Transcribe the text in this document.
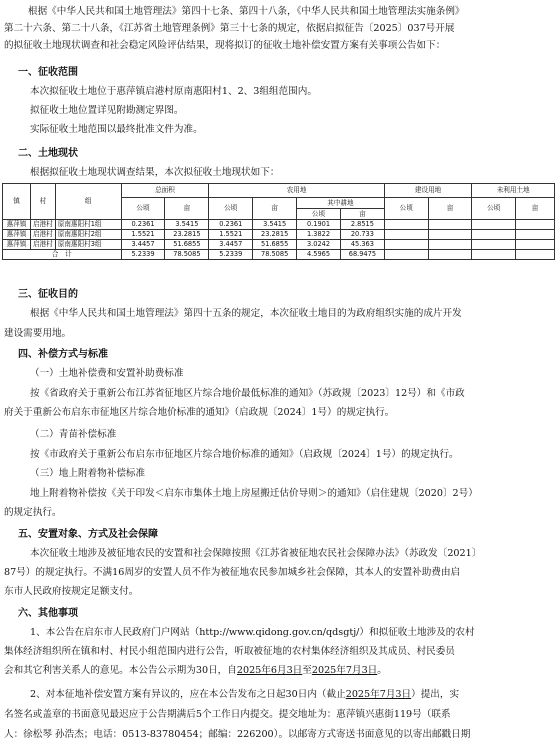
根据《中华人民共和国土地管理法》第四十七条、第四十八条，《中华人民共和国土地管理法实施条例》

第二十六条、第二十八条，《江苏省土地管理条例》第三十七条的规定，依据启拟征告〔2025〕037号开展

的拟征收土地现状调查和社会稳定风险评估结果，现将拟订的征收土地补偿安置方案有关事项公告如下：

一、征收范围

本次拟征收土地位于惠萍镇启港村原南惠阳村1、2、3组组范围内。

拟征收土地位置详见附勘测定界图。

实际征收土地范围以最终批准文件为准。

二、土地现状

根据拟征收土地现状调查结果，本次拟征收土地现状如下：

镇	村	组	总面积		农用地				建设用地		未利用土地	
			公顷	亩	公顷	亩	其中耕地		公顷	亩	公顷	亩
							公顷	亩				
惠萍镇	启港村	原南惠阳村1组	0.2361	3.5415	0.2361	3.5415	0.1901	2.8515				
惠萍镇	启港村	原南惠阳村2组	1.5521	23.2815	1.5521	23.2815	1.3822	20.733				
惠萍镇	启港村	原南惠阳村3组	3.4457	51.6855	3.4457	51.6855	3.0242	45.363				
合　计			5.2339	78.5085	5.2339	78.5085	4.5965	68.9475				

三、征收目的

根据《中华人民共和国土地管理法》第四十五条的规定，本次征收土地目的为政府组织实施的成片开发

建设需要用地。

四、补偿方式与标准

（一）土地补偿费和安置补助费标准

按《省政府关于重新公布江苏省征地区片综合地价最低标准的通知》（苏政规〔2023〕12号）和《市政

府关于重新公布启东市征地区片综合地价标准的通知》（启政规〔2024〕1号）的规定执行。

（二）青苗补偿标准

按《市政府关于重新公布启东市征地区片综合地价标准的通知》（启政规〔2024〕1号）的规定执行。

（三）地上附着物补偿标准

地上附着物补偿按《关于印发＜启东市集体土地上房屋搬迁估价导则＞的通知》（启住建规〔2020〕2号）

的规定执行。

五、安置对象、方式及社会保障

本次征收土地涉及被征地农民的安置和社会保障按照《江苏省被征地农民社会保障办法》（苏政发〔2021〕

87号）的规定执行。不满16周岁的安置人员不作为被征地农民参加城乡社会保障，其本人的安置补助费由启

东市人民政府按规定足额支付。

六、其他事项

1、本公告在启东市人民政府门户网站（http://www.qidong.gov.cn/qdsgtj/）和拟征收土地涉及的农村

集体经济组织所在镇和村、村民小组范围内进行公告，听取被征地的农村集体经济组织及其成员、村民委员

会和其它利害关系人的意见。本公告公示期为30日，自2025年6月3日至2025年7月3日。

2、对本征地补偿安置方案有异议的，应在本公告发布之日起30日内（截止2025年7月3日）提出，实

名签名或盖章的书面意见最迟应于公告期满后5个工作日内提交。提交地址为：惠萍镇兴惠街119号（联系

人：徐松琴 孙浩杰；电话：0513-83780454；邮编：226200）。以邮寄方式寄送书面意见的以寄出邮戳日期
